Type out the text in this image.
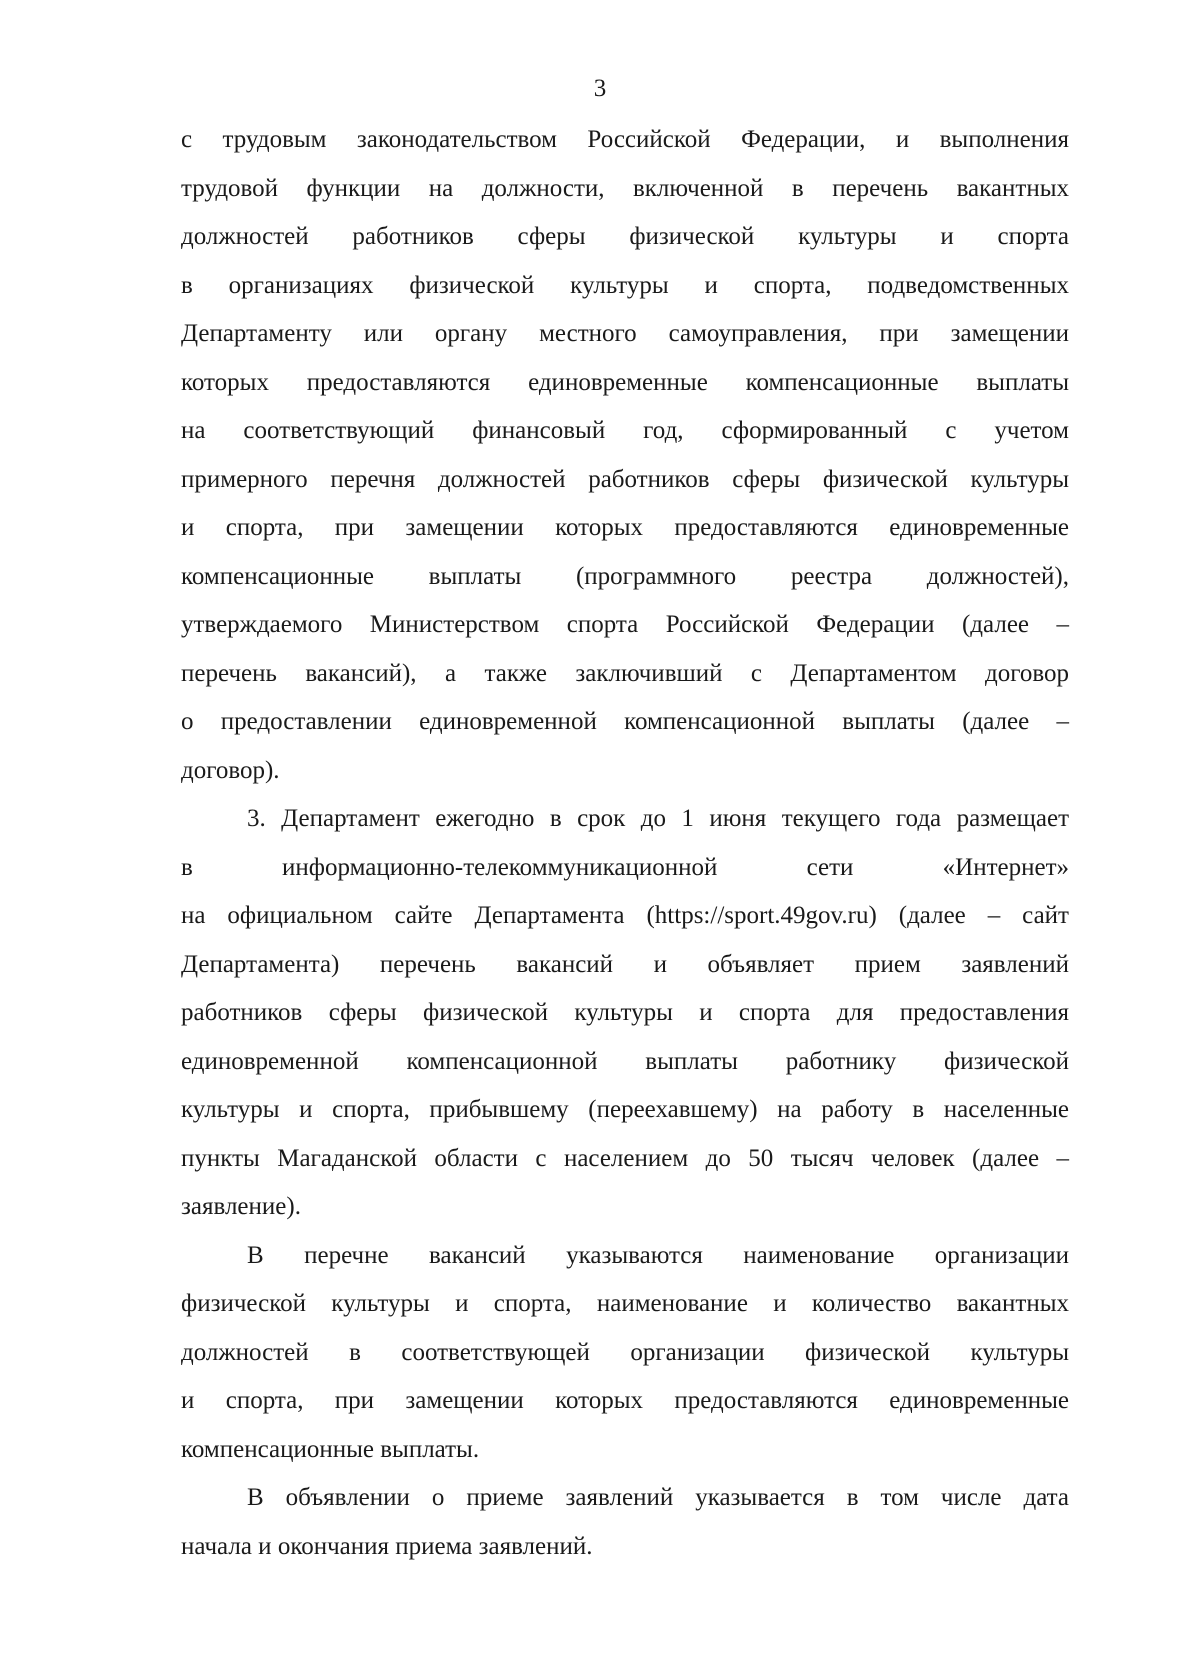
3

с трудовым законодательством Российской Федерации, и выполнения
трудовой функции на должности, включенной в перечень вакантных
должностей работников сферы физической культуры и спорта
в организациях физической культуры и спорта, подведомственных
Департаменту или органу местного самоуправления, при замещении
которых предоставляются единовременные компенсационные выплаты
на соответствующий финансовый год, сформированный с учетом
примерного перечня должностей работников сферы физической культуры
и спорта, при замещении которых предоставляются единовременные
компенсационные выплаты (программного реестра должностей),
утверждаемого Министерством спорта Российской Федерации (далее –
перечень вакансий), а также заключивший с Департаментом договор
о предоставлении единовременной компенсационной выплаты (далее –
договор).

3. Департамент ежегодно в срок до 1 июня текущего года размещает
в информационно-телекоммуникационной сети «Интернет»
на официальном сайте Департамента (https://sport.49gov.ru) (далее – сайт
Департамента) перечень вакансий и объявляет прием заявлений
работников сферы физической культуры и спорта для предоставления
единовременной компенсационной выплаты работнику физической
культуры и спорта, прибывшему (переехавшему) на работу в населенные
пункты Магаданской области с населением до 50 тысяч человек (далее –
заявление).

В перечне вакансий указываются наименование организации
физической культуры и спорта, наименование и количество вакантных
должностей в соответствующей организации физической культуры
и спорта, при замещении которых предоставляются единовременные
компенсационные выплаты.

В объявлении о приеме заявлений указывается в том числе дата
начала и окончания приема заявлений.
